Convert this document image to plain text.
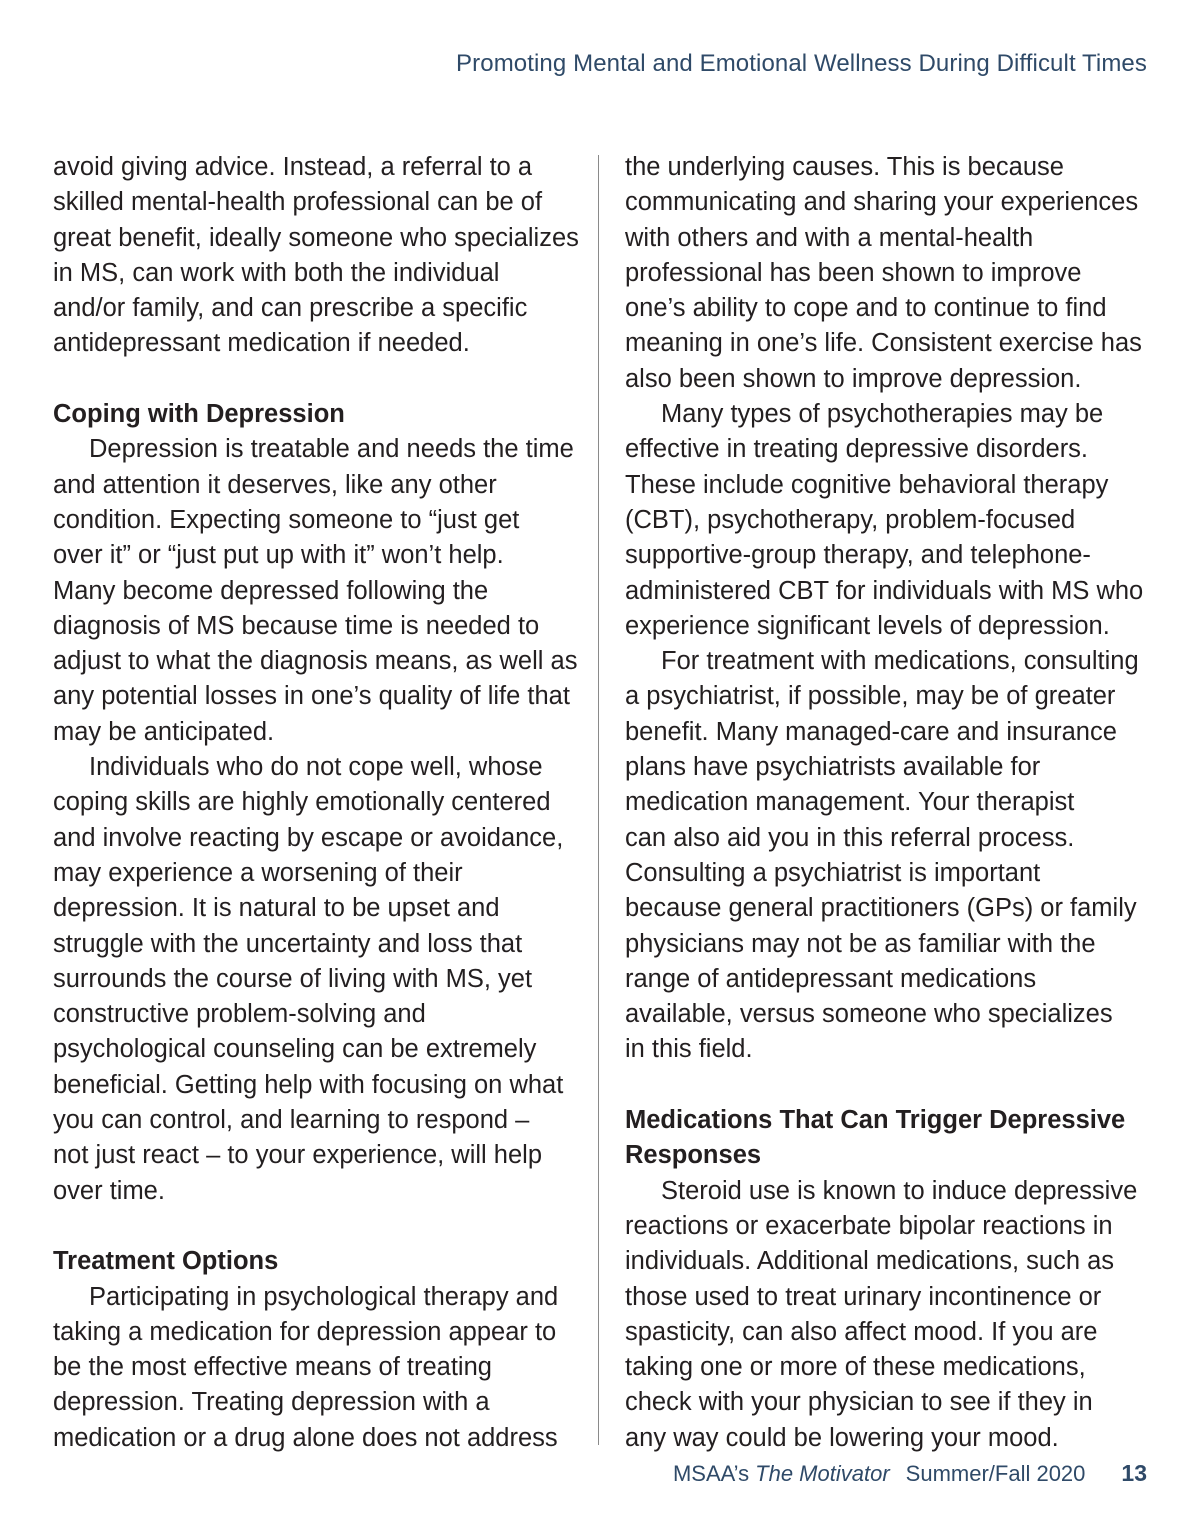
Promoting Mental and Emotional Wellness During Difficult Times
avoid giving advice. Instead, a referral to a
skilled mental-health professional can be of
great benefit, ideally someone who specializes
in MS, can work with both the individual
and/or family, and can prescribe a specific
antidepressant medication if needed.
Coping with Depression
Depression is treatable and needs the time
and attention it deserves, like any other
condition. Expecting someone to “just get
over it” or “just put up with it” won’t help.
Many become depressed following the
diagnosis of MS because time is needed to
adjust to what the diagnosis means, as well as
any potential losses in one’s quality of life that
may be anticipated.
Individuals who do not cope well, whose
coping skills are highly emotionally centered
and involve reacting by escape or avoidance,
may experience a worsening of their
depression. It is natural to be upset and
struggle with the uncertainty and loss that
surrounds the course of living with MS, yet
constructive problem-solving and
psychological counseling can be extremely
beneficial. Getting help with focusing on what
you can control, and learning to respond –
not just react – to your experience, will help
over time.
Treatment Options
Participating in psychological therapy and
taking a medication for depression appear to
be the most effective means of treating
depression. Treating depression with a
medication or a drug alone does not address
the underlying causes. This is because
communicating and sharing your experiences
with others and with a mental-health
professional has been shown to improve
one’s ability to cope and to continue to find
meaning in one’s life. Consistent exercise has
also been shown to improve depression.
Many types of psychotherapies may be
effective in treating depressive disorders.
These include cognitive behavioral therapy
(CBT), psychotherapy, problem-focused
supportive-group therapy, and telephone-
administered CBT for individuals with MS who
experience significant levels of depression.
For treatment with medications, consulting
a psychiatrist, if possible, may be of greater
benefit. Many managed-care and insurance
plans have psychiatrists available for
medication management. Your therapist
can also aid you in this referral process.
Consulting a psychiatrist is important
because general practitioners (GPs) or family
physicians may not be as familiar with the
range of antidepressant medications
available, versus someone who specializes
in this field.
Medications That Can Trigger Depressive
Responses
Steroid use is known to induce depressive
reactions or exacerbate bipolar reactions in
individuals. Additional medications, such as
those used to treat urinary incontinence or
spasticity, can also affect mood. If you are
taking one or more of these medications,
check with your physician to see if they in
any way could be lowering your mood.
MSAA’s The Motivator Summer/Fall 2020 13
